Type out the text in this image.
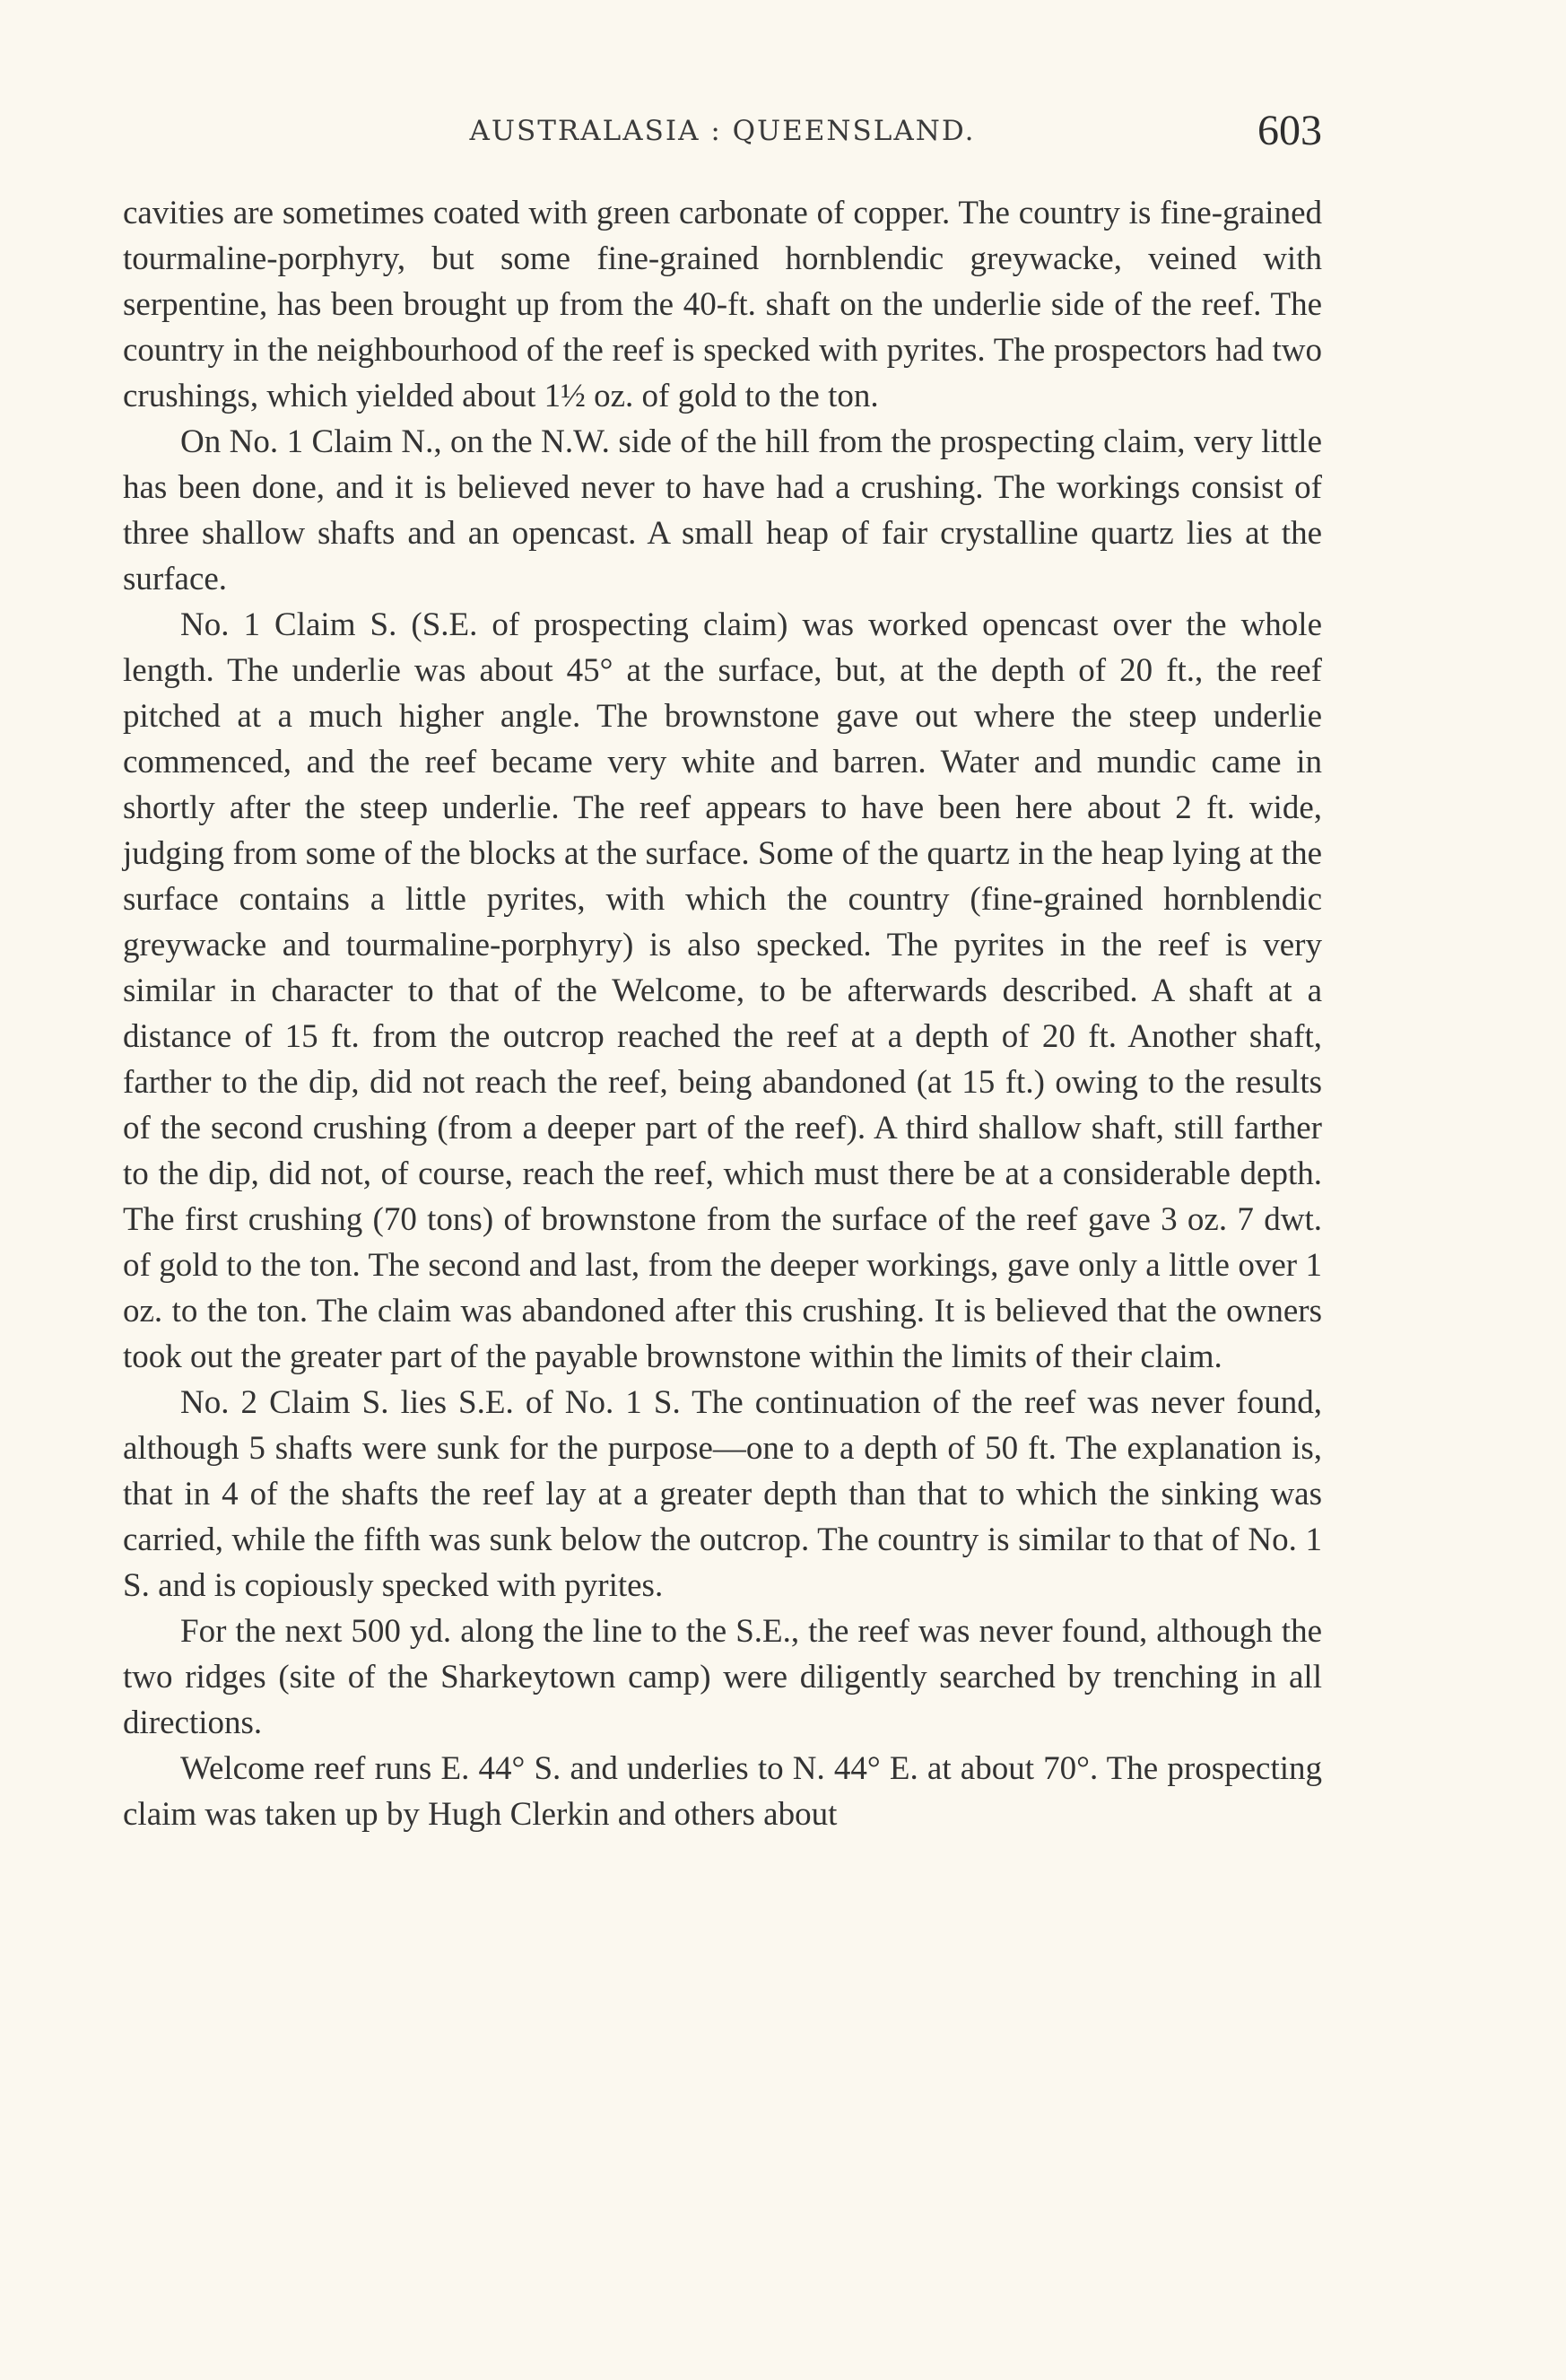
AUSTRALASIA : QUEENSLAND.	603

cavities are sometimes coated with green carbonate of copper. The country is fine-grained tourmaline-porphyry, but some fine-grained hornblendic greywacke, veined with serpentine, has been brought up from the 40-ft. shaft on the underlie side of the reef. The country in the neighbourhood of the reef is specked with pyrites. The prospectors had two crushings, which yielded about 1½ oz. of gold to the ton.

On No. 1 Claim N., on the N.W. side of the hill from the prospecting claim, very little has been done, and it is believed never to have had a crushing. The workings consist of three shallow shafts and an opencast. A small heap of fair crystalline quartz lies at the surface.

No. 1 Claim S. (S.E. of prospecting claim) was worked opencast over the whole length. The underlie was about 45° at the surface, but, at the depth of 20 ft., the reef pitched at a much higher angle. The brownstone gave out where the steep underlie commenced, and the reef became very white and barren. Water and mundic came in shortly after the steep underlie. The reef appears to have been here about 2 ft. wide, judging from some of the blocks at the surface. Some of the quartz in the heap lying at the surface contains a little pyrites, with which the country (fine-grained hornblendic greywacke and tourmaline-porphyry) is also specked. The pyrites in the reef is very similar in character to that of the Welcome, to be afterwards described. A shaft at a distance of 15 ft. from the outcrop reached the reef at a depth of 20 ft. Another shaft, farther to the dip, did not reach the reef, being abandoned (at 15 ft.) owing to the results of the second crushing (from a deeper part of the reef). A third shallow shaft, still farther to the dip, did not, of course, reach the reef, which must there be at a considerable depth. The first crushing (70 tons) of brownstone from the surface of the reef gave 3 oz. 7 dwt. of gold to the ton. The second and last, from the deeper workings, gave only a little over 1 oz. to the ton. The claim was abandoned after this crushing. It is believed that the owners took out the greater part of the payable brownstone within the limits of their claim.

No. 2 Claim S. lies S.E. of No. 1 S. The continuation of the reef was never found, although 5 shafts were sunk for the purpose—one to a depth of 50 ft. The explanation is, that in 4 of the shafts the reef lay at a greater depth than that to which the sinking was carried, while the fifth was sunk below the outcrop. The country is similar to that of No. 1 S. and is copiously specked with pyrites.

For the next 500 yd. along the line to the S.E., the reef was never found, although the two ridges (site of the Sharkeytown camp) were diligently searched by trenching in all directions.

Welcome reef runs E. 44° S. and underlies to N. 44° E. at about 70°. The prospecting claim was taken up by Hugh Clerkin and others about
